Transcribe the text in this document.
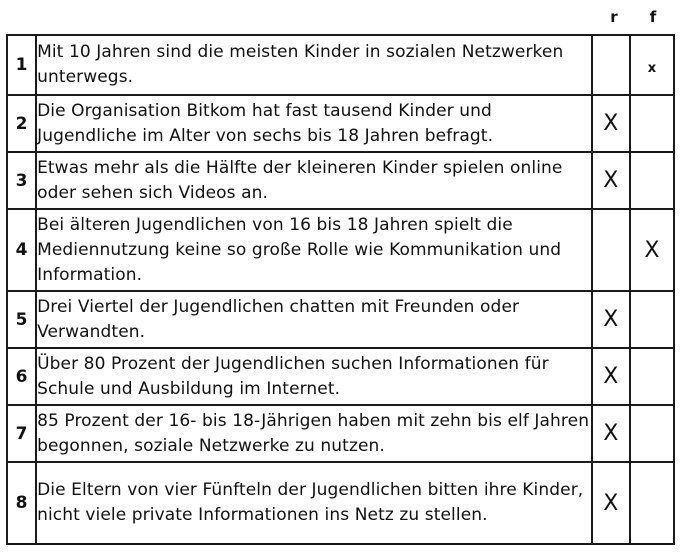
r	f
1	Mit 10 Jahren sind die meisten Kinder in sozialen Netzwerken unterwegs.		x
2	Die Organisation Bitkom hat fast tausend Kinder und Jugendliche im Alter von sechs bis 18 Jahren befragt.	X	
3	Etwas mehr als die Hälfte der kleineren Kinder spielen online oder sehen sich Videos an.	X	
4	Bei älteren Jugendlichen von 16 bis 18 Jahren spielt die Mediennutzung keine so große Rolle wie Kommunikation und Information.		X
5	Drei Viertel der Jugendlichen chatten mit Freunden oder Verwandten.	X	
6	Über 80 Prozent der Jugendlichen suchen Informationen für Schule und Ausbildung im Internet.	X	
7	85 Prozent der 16- bis 18-Jährigen haben mit zehn bis elf Jahren begonnen, soziale Netzwerke zu nutzen.	X	
8	Die Eltern von vier Fünfteln der Jugendlichen bitten ihre Kinder, nicht viele private Informationen ins Netz zu stellen.	X	
